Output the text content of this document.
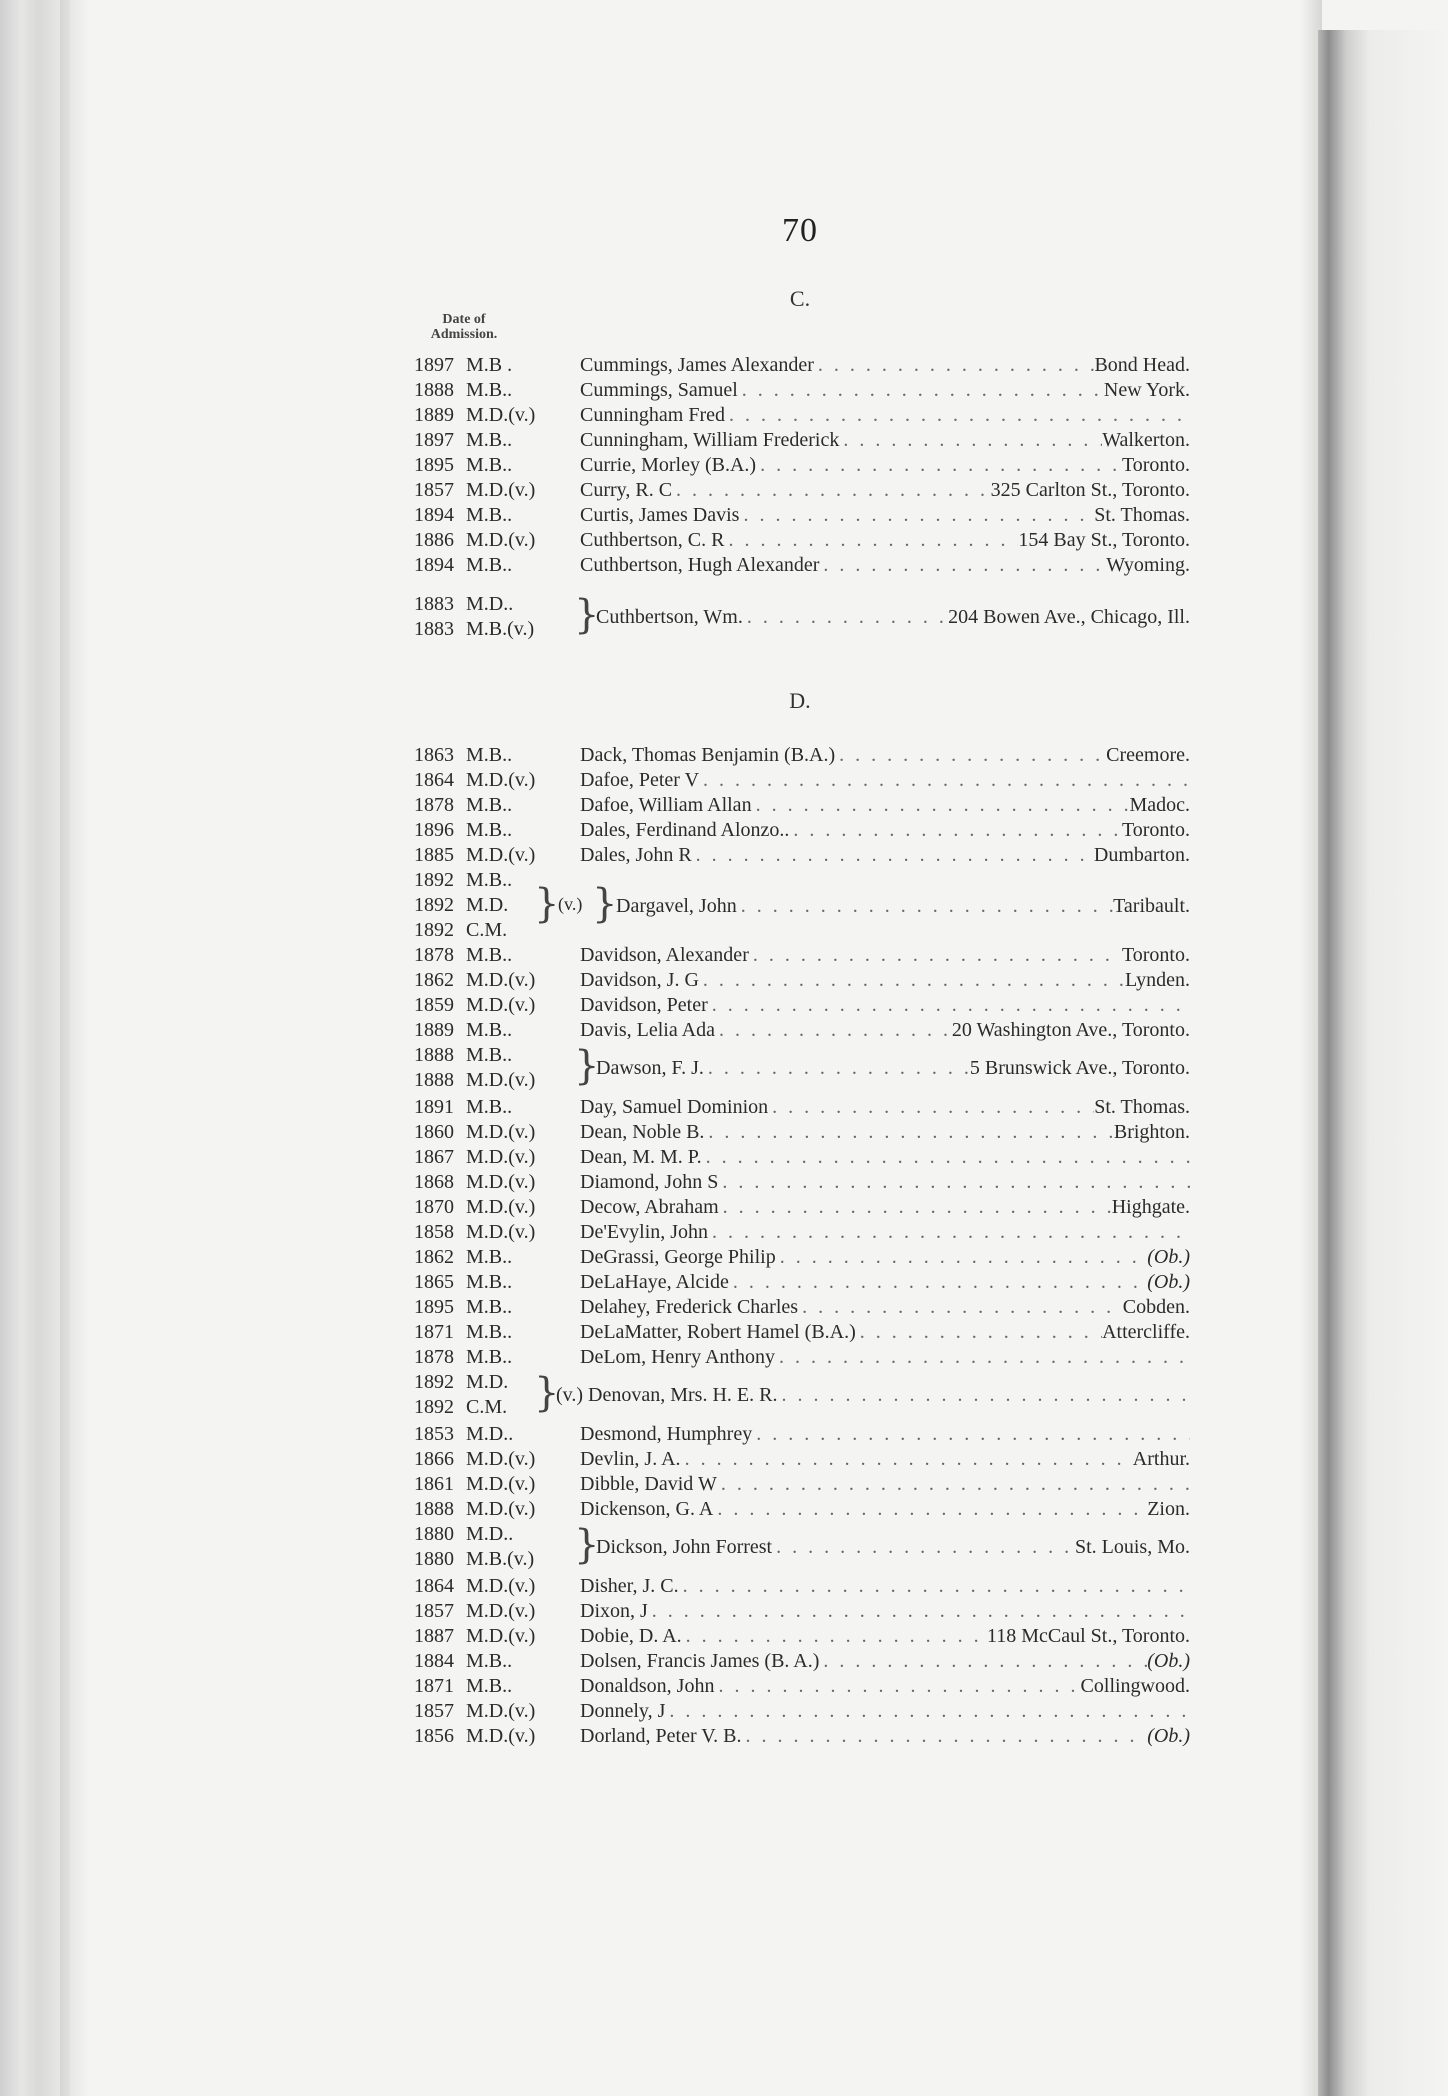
70
C.
Date of
Admission.
1897 M.B .	Cummings, James Alexander . . .	Bond Head.
1888 M.B..	Cummings, Samuel . . .	New York.
1889 M.D.(v.)	Cunningham Fred
. . .
1897 M.B..	Cunningham, William Frederick . . .	Walkerton.
1895 M.B..	Currie, Morley (B.A.) . . .	Toronto.
1857 M.D.(v.)	Curry, R. C . . .	325 Carlton St., Toronto.
1894 M.B..	Curtis, James Davis . . .	St. Thomas.
1886 M.D.(v.)	Cuthbertson, C. R . . .	154 Bay St., Toronto.
1894 M.B..	Cuthbertson, Hugh Alexander . . .	Wyoming.
1883 M.D..
1883 M.B.(v.) }
Cuthbertson, Wm. . . .	204 Bowen Ave., Chicago, Ill.
D.
1863 M.B..	Dack, Thomas Benjamin (B.A.) . . .	Creemore.
1864 M.D.(v.)	Dafoe, Peter V
. . .
1878 M.B..	Dafoe, William Allan . . .	Madoc.
1896 M.B..	Dales, Ferdinand Alonzo.. . . .	Toronto.
1885 M.D.(v.)	Dales, John R . . .	Dumbarton.
1892 M.B..
1892 M.D.
1892 C.M.
}
(v.) }
Dargavel, John . . .	Taribault.
1878 M.B..	Davidson, Alexander . . .	Toronto.
1862 M.D.(v.)	Davidson, J. G . . .	Lynden.
1859 M.D.(v.)	Davidson, Peter
. . .
1889 M.B..	Davis, Lelia Ada . . .	20 Washington Ave., Toronto.
1888 M.B..
1888 M.D.(v.) }
Dawson, F. J. . . .	5 Brunswick Ave., Toronto.
1891 M.B..	Day, Samuel Dominion . . .	St. Thomas.
1860 M.D.(v.)	Dean, Noble B. . . .	Brighton.
1867 M.D.(v.)	Dean, M. M. P.
. . .
1868 M.D.(v.)	Diamond, John S
. . .
1870 M.D.(v.)	Decow, Abraham . . .	Highgate.
1858 M.D.(v.)	De'Evylin, John
. . .
1862 M.B..	DeGrassi, George Philip . . .	(Ob.)
1865 M.B..	DeLaHaye, Alcide . . .	(Ob.)
1895 M.B..	Delahey, Frederick Charles . . .	Cobden.
1871 M.B..	DeLaMatter, Robert Hamel (B.A.) . . .	Attercliffe.
1878 M.B..	DeLom, Henry Anthony
. . .
1892 M.D.
1892 C.M. }
(v.) Denovan, Mrs. H. E. R.
. . .
1853 M.D..	Desmond, Humphrey
. . .
1866 M.D.(v.)	Devlin, J. A. . . .	Arthur.
1861 M.D.(v.)	Dibble, David W
. . .
1888 M.D.(v.)	Dickenson, G. A . . .	Zion.
1880 M.D..
1880 M.B.(v.) }
Dickson, John Forrest . . .	St. Louis, Mo.
1864 M.D.(v.)	Disher, J. C.
. . .
1857 M.D.(v.)	Dixon, J
. . .
1887 M.D.(v.)	Dobie, D. A. . . .	118 McCaul St., Toronto.
1884 M.B..	Dolsen, Francis James (B. A.) . . .	(Ob.)
1871 M.B..	Donaldson, John . . .	Collingwood.
1857 M.D.(v.)	Donnely, J
. . .
1856 M.D.(v.)	Dorland, Peter V. B. . . .	(Ob.)
